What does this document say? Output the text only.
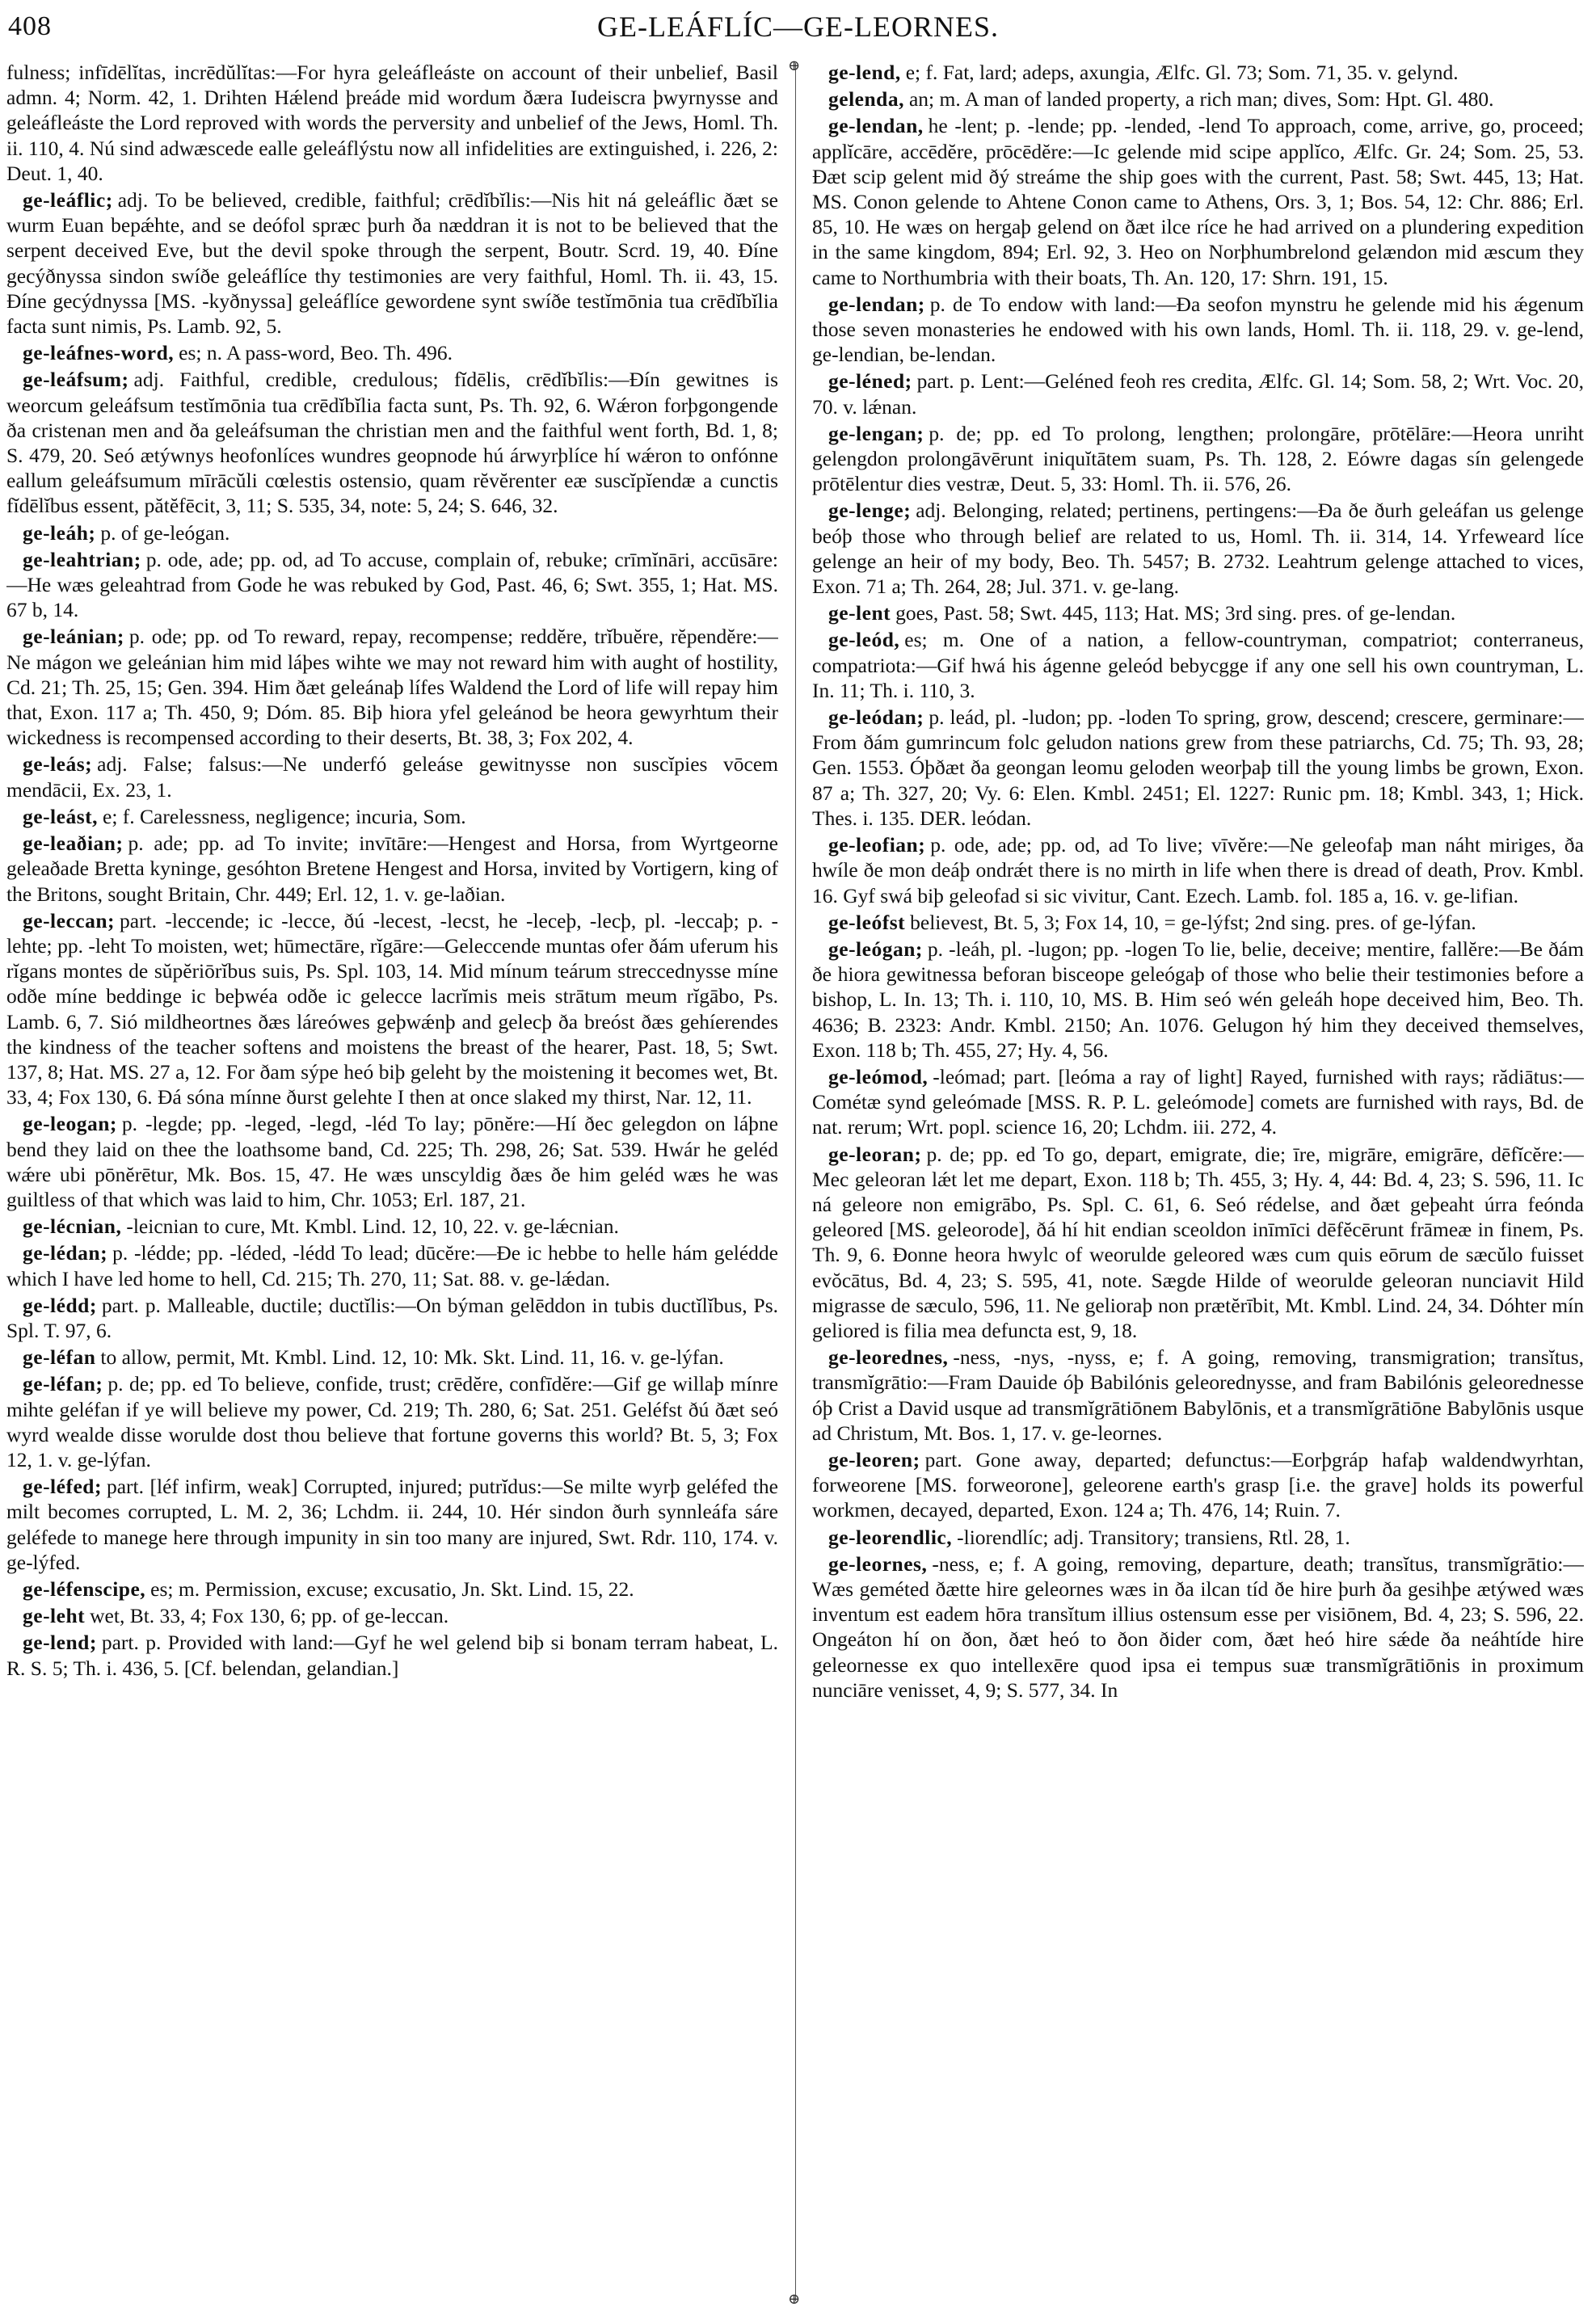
408	GE-LEÁFLÍC—GE-LEORNES.

fulness; infīdēlĭtas, incrēdŭlĭtas:—For hyra geleáfleáste on account of their unbelief, Basil admn. 4; Norm. 42, 1. Drihten Hǽlend þreáde mid wordum ðæra Iudeiscra þwyrnysse and geleáfleáste the Lord reproved with words the perversity and unbelief of the Jews, Homl. Th. ii. 110, 4. Nú sind adwæscede ealle geleáflýstu now all infidelities are extinguished, i. 226, 2: Deut. 1, 40.

ge-leáflic; adj. To be believed, credible, faithful; crēdĭbĭlis:—Nis hit ná geleáflic ðæt se wurm Euan bepǽhte, and se deófol spræc þurh ða næddran it is not to be believed that the serpent deceived Eve, but the devil spoke through the serpent, Boutr. Scrd. 19, 40. Ðíne gecýðnyssa sindon swíðe geleáflíce thy testimonies are very faithful, Homl. Th. ii. 43, 15. Ðíne gecýdnyssa [MS. -kyðnyssa] geleáflíce gewordene synt swíðe testĭmōnia tua crēdĭbĭlia facta sunt nimis, Ps. Lamb. 92, 5.

ge-leáfnes-word, es; n. A pass-word, Beo. Th. 496.

ge-leáfsum; adj. Faithful, credible, credulous; fĭdēlis, crēdĭbĭlis:—Ðín gewitnes is weorcum geleáfsum testĭmōnia tua crēdĭbĭlia facta sunt, Ps. Th. 92, 6. Wǽron forþgongende ða cristenan men and ða geleáfsuman the christian men and the faithful went forth, Bd. 1, 8; S. 479, 20. Seó ætýwnys heofonlíces wundres geopnode hú árwyrþlíce hí wǽron to onfónne eallum geleáfsumum mīrācŭli cœlestis ostensio, quam rĕvĕrenter eæ suscĭpĭendæ a cunctis fĭdēlĭbus essent, pătĕfēcit, 3, 11; S. 535, 34, note: 5, 24; S. 646, 32.

ge-leáh; p. of ge-leógan.

ge-leahtrian; p. ode, ade; pp. od, ad To accuse, complain of, rebuke; crīmĭnāri, accūsāre:—He wæs geleahtrad from Gode he was rebuked by God, Past. 46, 6; Swt. 355, 1; Hat. MS. 67 b, 14.

ge-leánian; p. ode; pp. od To reward, repay, recompense; reddĕre, trĭbuĕre, rĕpendĕre:—Ne mágon we geleánian him mid láþes wihte we may not reward him with aught of hostility, Cd. 21; Th. 25, 15; Gen. 394. Him ðæt geleánaþ lífes Waldend the Lord of life will repay him that, Exon. 117 a; Th. 450, 9; Dóm. 85. Biþ hiora yfel geleánod be heora gewyrhtum their wickedness is recompensed according to their deserts, Bt. 38, 3; Fox 202, 4.

ge-leás; adj. False; falsus:—Ne underfó geleáse gewitnysse non suscĭpies vōcem mendācii, Ex. 23, 1.

ge-leást, e; f. Carelessness, negligence; incuria, Som.

ge-leaðian; p. ade; pp. ad To invite; invītāre:—Hengest and Horsa, from Wyrtgeorne geleaðade Bretta kyninge, gesóhton Bretene Hengest and Horsa, invited by Vortigern, king of the Britons, sought Britain, Chr. 449; Erl. 12, 1. v. ge-laðian.

ge-leccan; part. -leccende; ic -lecce, ðú -lecest, -lecst, he -leceþ, -lecþ, pl. -leccaþ; p. -lehte; pp. -leht To moisten, wet; hūmectāre, rĭgāre:—Geleccende muntas ofer ðám uferum his rĭgans montes de sŭpĕriōrĭbus suis, Ps. Spl. 103, 14. Mid mínum teárum streccednysse míne odðe míne beddinge ic beþwéa odðe ic gelecce lacrĭmis meis strātum meum rĭgābo, Ps. Lamb. 6, 7. Sió mildheortnes ðæs láreówes geþwǽnþ and gelecþ ða breóst ðæs gehíerendes the kindness of the teacher softens and moistens the breast of the hearer, Past. 18, 5; Swt. 137, 8; Hat. MS. 27 a, 12. For ðam sýpe heó biþ geleht by the moistening it becomes wet, Bt. 33, 4; Fox 130, 6. Ðá sóna mínne ðurst gelehte I then at once slaked my thirst, Nar. 12, 11.

ge-leogan; p. -legde; pp. -leged, -legd, -léd To lay; pōnĕre:—Hí ðec gelegdon on láþne bend they laid on thee the loathsome band, Cd. 225; Th. 298, 26; Sat. 539. Hwár he geléd wǽre ubi pōnĕrētur, Mk. Bos. 15, 47. He wæs unscyldig ðæs ðe him geléd wæs he was guiltless of that which was laid to him, Chr. 1053; Erl. 187, 21.

ge-lécnian, -leicnian to cure, Mt. Kmbl. Lind. 12, 10, 22. v. ge-lǽcnian.

ge-lédan; p. -lédde; pp. -léded, -lédd To lead; dūcĕre:—Ðe ic hebbe to helle hám gelédde which I have led home to hell, Cd. 215; Th. 270, 11; Sat. 88. v. ge-lǽdan.

ge-lédd; part. p. Malleable, ductile; ductĭlis:—On býman gelēddon in tubis ductĭlĭbus, Ps. Spl. T. 97, 6.

ge-léfan to allow, permit, Mt. Kmbl. Lind. 12, 10: Mk. Skt. Lind. 11, 16. v. ge-lýfan.

ge-léfan; p. de; pp. ed To believe, confide, trust; crēdĕre, confīdĕre:—Gif ge willaþ mínre mihte geléfan if ye will believe my power, Cd. 219; Th. 280, 6; Sat. 251. Geléfst ðú ðæt seó wyrd wealde disse worulde dost thou believe that fortune governs this world? Bt. 5, 3; Fox 12, 1. v. ge-lýfan.

ge-léfed; part. [léf infirm, weak] Corrupted, injured; putrĭdus:—Se milte wyrþ geléfed the milt becomes corrupted, L. M. 2, 36; Lchdm. ii. 244, 10. Hér sindon ðurh synnleáfa sáre geléfede to manege here through impunity in sin too many are injured, Swt. Rdr. 110, 174. v. ge-lýfed.

ge-léfenscipe, es; m. Permission, excuse; excusatio, Jn. Skt. Lind. 15, 22.

ge-leht wet, Bt. 33, 4; Fox 130, 6; pp. of ge-leccan.

ge-lend; part. p. Provided with land:—Gyf he wel gelend biþ si bonam terram habeat, L. R. S. 5; Th. i. 436, 5. [Cf. belendan, gelandian.]

⊕
⊕

ge-lend, e; f. Fat, lard; adeps, axungia, Ælfc. Gl. 73; Som. 71, 35. v. gelynd.

gelenda, an; m. A man of landed property, a rich man; dives, Som: Hpt. Gl. 480.

ge-lendan, he -lent; p. -lende; pp. -lended, -lend To approach, come, arrive, go, proceed; applĭcāre, accēdĕre, prōcēdĕre:—Ic gelende mid scipe applĭco, Ælfc. Gr. 24; Som. 25, 53. Ðæt scip gelent mid ðý streáme the ship goes with the current, Past. 58; Swt. 445, 13; Hat. MS. Conon gelende to Ahtene Conon came to Athens, Ors. 3, 1; Bos. 54, 12: Chr. 886; Erl. 85, 10. He wæs on hergaþ gelend on ðæt ilce ríce he had arrived on a plundering expedition in the same kingdom, 894; Erl. 92, 3. Heo on Norþhumbrelond gelændon mid æscum they came to Northumbria with their boats, Th. An. 120, 17: Shrn. 191, 15.

ge-lendan; p. de To endow with land:—Ða seofon mynstru he gelende mid his ǽgenum those seven monasteries he endowed with his own lands, Homl. Th. ii. 118, 29. v. ge-lend, ge-lendian, be-lendan.

ge-léned; part. p. Lent:—Geléned feoh res credita, Ælfc. Gl. 14; Som. 58, 2; Wrt. Voc. 20, 70. v. lǽnan.

ge-lengan; p. de; pp. ed To prolong, lengthen; prolongāre, prōtēlāre:—Heora unriht gelengdon prolongāvērunt iniquĭtātem suam, Ps. Th. 128, 2. Eówre dagas sín gelengede prōtēlentur dies vestræ, Deut. 5, 33: Homl. Th. ii. 576, 26.

ge-lenge; adj. Belonging, related; pertinens, pertingens:—Ða ðe ðurh geleáfan us gelenge beóþ those who through belief are related to us, Homl. Th. ii. 314, 14. Yrfeweard líce gelenge an heir of my body, Beo. Th. 5457; B. 2732. Leahtrum gelenge attached to vices, Exon. 71 a; Th. 264, 28; Jul. 371. v. ge-lang.

ge-lent goes, Past. 58; Swt. 445, 113; Hat. MS; 3rd sing. pres. of ge-lendan.

ge-leód, es; m. One of a nation, a fellow-countryman, compatriot; conterraneus, compatriota:—Gif hwá his ágenne geleód bebycgge if any one sell his own countryman, L. In. 11; Th. i. 110, 3.

ge-leódan; p. leád, pl. -ludon; pp. -loden To spring, grow, descend; crescere, germinare:—From ðám gumrincum folc geludon nations grew from these patriarchs, Cd. 75; Th. 93, 28; Gen. 1553. Óþðæt ða geongan leomu geloden weorþaþ till the young limbs be grown, Exon. 87 a; Th. 327, 20; Vy. 6: Elen. Kmbl. 2451; El. 1227: Runic pm. 18; Kmbl. 343, 1; Hick. Thes. i. 135. DER. leódan.

ge-leofian; p. ode, ade; pp. od, ad To live; vīvĕre:—Ne geleofaþ man náht miriges, ða hwíle ðe mon deáþ ondrǽt there is no mirth in life when there is dread of death, Prov. Kmbl. 16. Gyf swá biþ geleofad si sic vivitur, Cant. Ezech. Lamb. fol. 185 a, 16. v. ge-lifian.

ge-leófst believest, Bt. 5, 3; Fox 14, 10, = ge-lýfst; 2nd sing. pres. of ge-lýfan.

ge-leógan; p. -leáh, pl. -lugon; pp. -logen To lie, belie, deceive; mentire, fallĕre:—Be ðám ðe hiora gewitnessa beforan bisceope geleógaþ of those who belie their testimonies before a bishop, L. In. 13; Th. i. 110, 10, MS. B. Him seó wén geleáh hope deceived him, Beo. Th. 4636; B. 2323: Andr. Kmbl. 2150; An. 1076. Gelugon hý him they deceived themselves, Exon. 118 b; Th. 455, 27; Hy. 4, 56.

ge-leómod, -leómad; part. [leóma a ray of light] Rayed, furnished with rays; rădiātus:—Cométæ synd geleómade [MSS. R. P. L. geleómode] comets are furnished with rays, Bd. de nat. rerum; Wrt. popl. science 16, 20; Lchdm. iii. 272, 4.

ge-leoran; p. de; pp. ed To go, depart, emigrate, die; īre, migrāre, emigrāre, dēfĭcĕre:—Mec geleoran lǽt let me depart, Exon. 118 b; Th. 455, 3; Hy. 4, 44: Bd. 4, 23; S. 596, 11. Ic ná geleore non emigrābo, Ps. Spl. C. 61, 6. Seó rédelse, and ðæt geþeaht úrra feónda geleored [MS. geleorode], ðá hí hit endian sceoldon inīmīci dēfĕcērunt frāmeæ in finem, Ps. Th. 9, 6. Ðonne heora hwylc of weorulde geleored wæs cum quis eōrum de sæcŭlo fuisset evŏcātus, Bd. 4, 23; S. 595, 41, note. Sægde Hilde of weorulde geleoran nunciavit Hild migrasse de sæculo, 596, 11. Ne gelioraþ non prætĕrībit, Mt. Kmbl. Lind. 24, 34. Dóhter mín geliored is filia mea defuncta est, 9, 18.

ge-leorednes, -ness, -nys, -nyss, e; f. A going, removing, transmigration; transĭtus, transmĭgrātio:—Fram Dauide óþ Babilónis geleorednysse, and fram Babilónis geleorednesse óþ Crist a David usque ad transmĭgrātiōnem Babylōnis, et a transmĭgrātiōne Babylōnis usque ad Christum, Mt. Bos. 1, 17. v. ge-leornes.

ge-leoren; part. Gone away, departed; defunctus:—Eorþgráp hafaþ waldendwyrhtan, forweorene [MS. forweorone], geleorene earth's grasp [i.e. the grave] holds its powerful workmen, decayed, departed, Exon. 124 a; Th. 476, 14; Ruin. 7.

ge-leorendlic, -liorendlíc; adj. Transitory; transiens, Rtl. 28, 1.

ge-leornes, -ness, e; f. A going, removing, departure, death; transĭtus, transmĭgrātio:—Wæs geméted ðætte hire geleornes wæs in ða ilcan tíd ðe hire þurh ða gesihþe ætýwed wæs inventum est eadem hōra transĭtum illius ostensum esse per visiōnem, Bd. 4, 23; S. 596, 22. Ongeáton hí on ðon, ðæt heó to ðon ðider com, ðæt heó hire sǽde ða neáhtíde hire geleornesse ex quo intellexēre quod ipsa ei tempus suæ transmĭgrātiōnis in proximum nunciāre venisset, 4, 9; S. 577, 34. In
